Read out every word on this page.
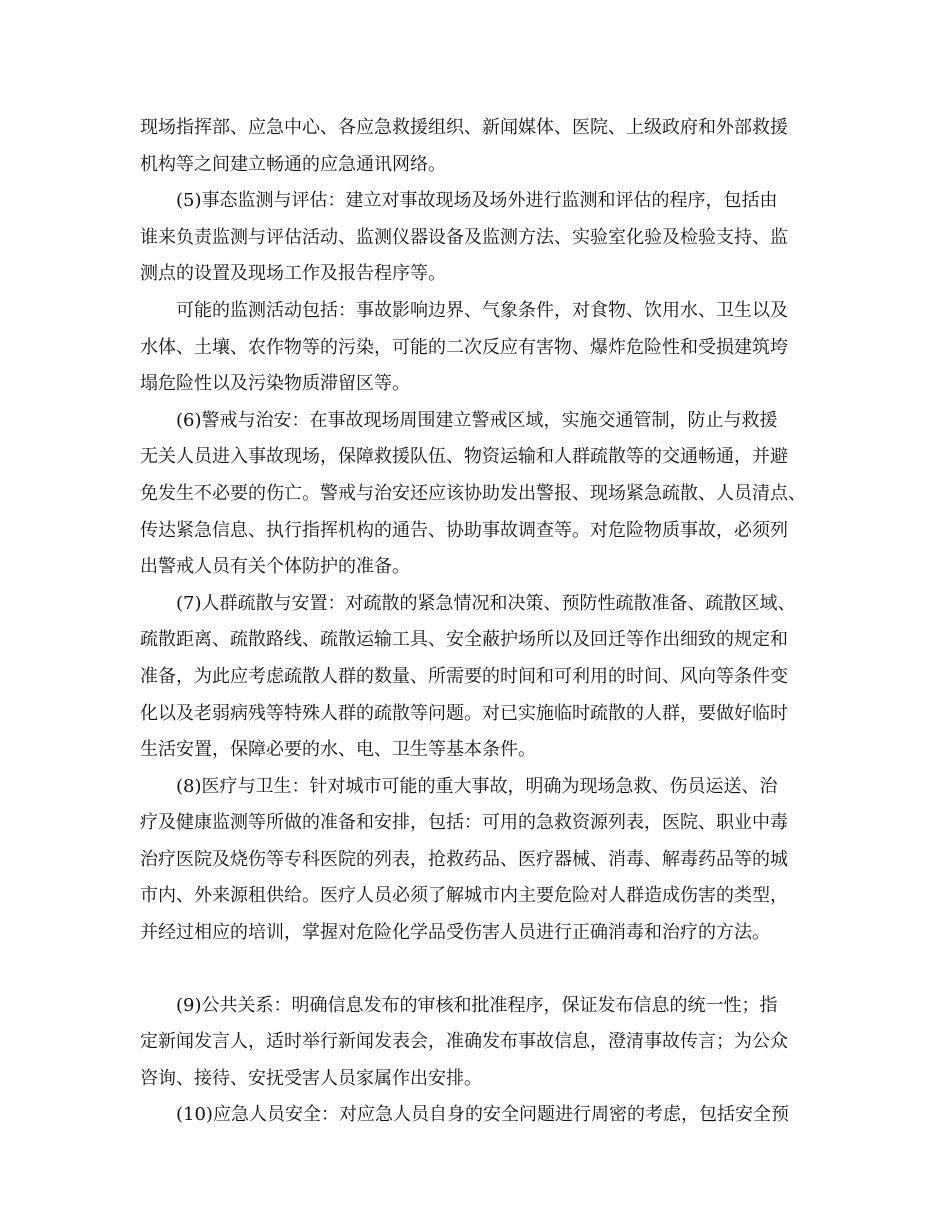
现场指挥部、应急中心、各应急救援组织、新闻媒体、医院、上级政府和外部救援
机构等之间建立畅通的应急通讯网络。
(5)事态监测与评估：建立对事故现场及场外进行监测和评估的程序，包括由
谁来负责监测与评估活动、监测仪器设备及监测方法、实验室化验及检验支持、监
测点的设置及现场工作及报告程序等。
可能的监测活动包括：事故影响边界、气象条件，对食物、饮用水、卫生以及
水体、土壤、农作物等的污染，可能的二次反应有害物、爆炸危险性和受损建筑垮
塌危险性以及污染物质滞留区等。
(6)警戒与治安：在事故现场周围建立警戒区域，实施交通管制，防止与救援
无关人员进入事故现场，保障救援队伍、物资运输和人群疏散等的交通畅通，并避
免发生不必要的伤亡。警戒与治安还应该协助发出警报、现场紧急疏散、人员清点、
传达紧急信息、执行指挥机构的通告、协助事故调查等。对危险物质事故，必须列
出警戒人员有关个体防护的准备。
(7)人群疏散与安置：对疏散的紧急情况和决策、预防性疏散准备、疏散区域、
疏散距离、疏散路线、疏散运输工具、安全蔽护场所以及回迁等作出细致的规定和
准备，为此应考虑疏散人群的数量、所需要的时间和可利用的时间、风向等条件变
化以及老弱病残等特殊人群的疏散等问题。对已实施临时疏散的人群，要做好临时
生活安置，保障必要的水、电、卫生等基本条件。
(8)医疗与卫生：针对城市可能的重大事故，明确为现场急救、伤员运送、治
疗及健康监测等所做的准备和安排，包括：可用的急救资源列表，医院、职业中毒
治疗医院及烧伤等专科医院的列表，抢救药品、医疗器械、消毒、解毒药品等的城
市内、外来源租供给。医疗人员必须了解城市内主要危险对人群造成伤害的类型，
并经过相应的培训，掌握对危险化学品受伤害人员进行正确消毒和治疗的方法。
(9)公共关系：明确信息发布的审核和批准程序，保证发布信息的统一性；指
定新闻发言人，适时举行新闻发表会，准确发布事故信息，澄清事故传言；为公众
咨询、接待、安抚受害人员家属作出安排。
(10)应急人员安全：对应急人员自身的安全问题进行周密的考虑，包括安全预
